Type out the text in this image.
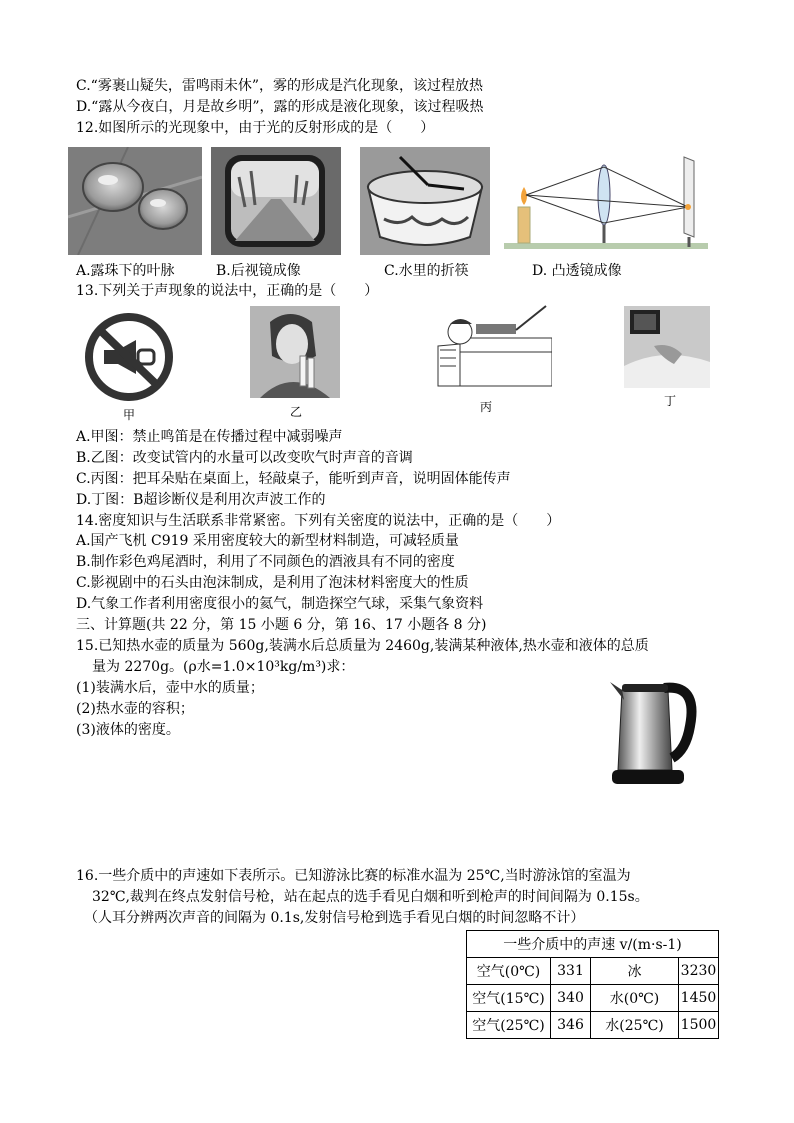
C.“雾裹山疑失，雷鸣雨未休”，雾的形成是汽化现象，该过程放热
D.“露从今夜白，月是故乡明”，露的形成是液化现象，该过程吸热
12.如图所示的光现象中，由于光的反射形成的是（　　）
A.露珠下的叶脉	B.后视镜成像	C.水里的折筷	D. 凸透镜成像
13.下列关于声现象的说法中，正确的是（　　）
甲	乙	丙	丁
A.甲图：禁止鸣笛是在传播过程中减弱噪声
B.乙图：改变试管内的水量可以改变吹气时声音的音调
C.丙图：把耳朵贴在桌面上，轻敲桌子，能听到声音，说明固体能传声
D.丁图：B超诊断仪是利用次声波工作的
14.密度知识与生活联系非常紧密。下列有关密度的说法中，正确的是（　　）
A.国产飞机 C919 采用密度较大的新型材料制造，可减轻质量
B.制作彩色鸡尾酒时，利用了不同颜色的酒液具有不同的密度
C.影视剧中的石头由泡沫制成，是利用了泡沫材料密度大的性质
D.气象工作者利用密度很小的氦气，制造探空气球，采集气象资料
三、计算题(共 22 分，第 15 小题 6 分，第 16、17 小题各 8 分)
15.已知热水壶的质量为 560g,装满水后总质量为 2460g,装满某种液体,热水壶和液体的总质
量为 2270g。(ρ水=1.0×10³kg/m³)求：
(1)装满水后，壶中水的质量；
(2)热水壶的容积；
(3)液体的密度。
16.一些介质中的声速如下表所示。已知游泳比赛的标准水温为 25℃,当时游泳馆的室温为
32℃,裁判在终点发射信号枪，站在起点的选手看见白烟和听到枪声的时间间隔为 0.15s。
（人耳分辨两次声音的间隔为 0.1s,发射信号枪到选手看见白烟的时间忽略不计）
一些介质中的声速 v/(m·s-1)			
空气(0℃)	331	冰	3230
空气(15℃)	340	水(0℃)	1450
空气(25℃)	346	水(25℃)	1500
